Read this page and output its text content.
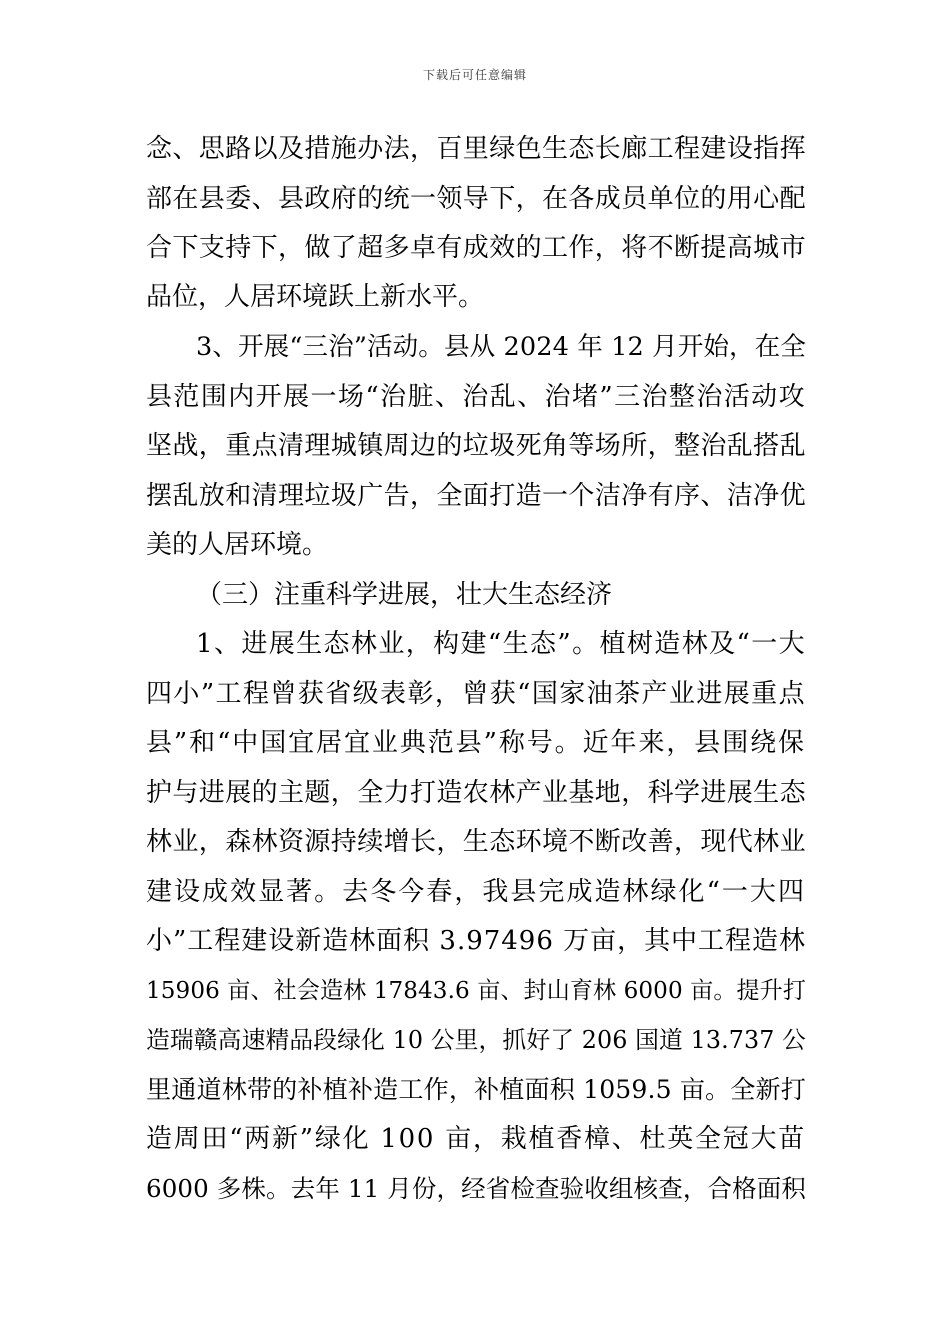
下载后可任意编辑
念、思路以及措施办法，百里绿色生态长廊工程建设指挥
部在县委、县政府的统一领导下，在各成员单位的用心配
合下支持下，做了超多卓有成效的工作，将不断提高城市
品位，人居环境跃上新水平。
3、开展“三治”活动。县从 2024 年 12 月开始，在全
县范围内开展一场“治脏、治乱、治堵”三治整治活动攻
坚战，重点清理城镇周边的垃圾死角等场所，整治乱搭乱
摆乱放和清理垃圾广告，全面打造一个洁净有序、洁净优
美的人居环境。
（三）注重科学进展，壮大生态经济
1、进展生态林业，构建“生态”。植树造林及“一大
四小”工程曾获省级表彰，曾获“国家油茶产业进展重点
县”和“中国宜居宜业典范县”称号。近年来，县围绕保
护与进展的主题，全力打造农林产业基地，科学进展生态
林业，森林资源持续增长，生态环境不断改善，现代林业
建设成效显著。去冬今春，我县完成造林绿化“一大四
小”工程建设新造林面积 3.97496 万亩，其中工程造林
15906 亩、社会造林 17843.6 亩、封山育林 6000 亩。提升打
造瑞赣高速精品段绿化 10 公里，抓好了 206 国道 13.737 公
里通道林带的补植补造工作，补植面积 1059.5 亩。全新打
造周田“两新”绿化 100 亩，栽植香樟、杜英全冠大苗
6000 多株。去年 11 月份，经省检查验收组核查，合格面积
